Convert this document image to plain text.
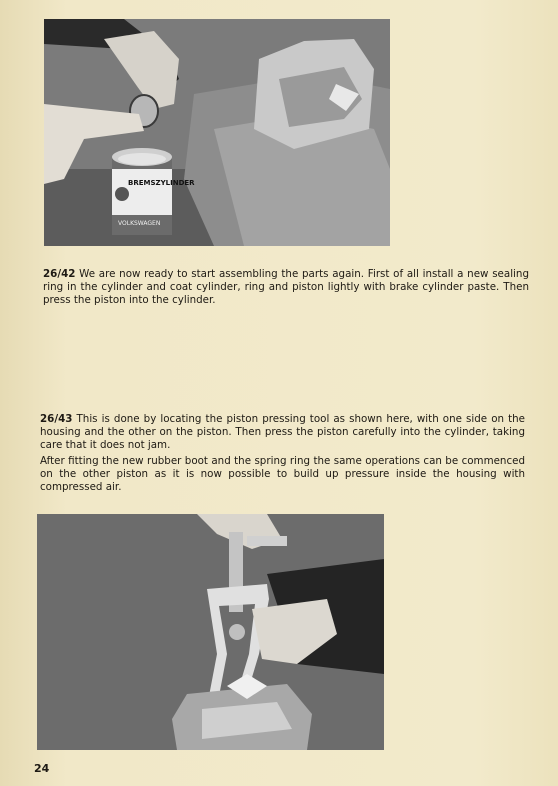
BREMSZYLINDER
VOLKSWAGEN
26/42 We are now ready to start assembling the parts again. First of all install a new sealing ring in the cylinder and coat cylinder, ring and piston lightly with brake cylinder paste. Then press the piston into the cylinder.
26/43 This is done by locating the piston pressing tool as shown here, with one side on the housing and the other on the piston. Then press the piston carefully into the cylinder, taking care that it does not jam.
After fitting the new rubber boot and the spring ring the same operations can be commenced on the other piston as it is now possible to build up pressure inside the housing with compressed air.
24
